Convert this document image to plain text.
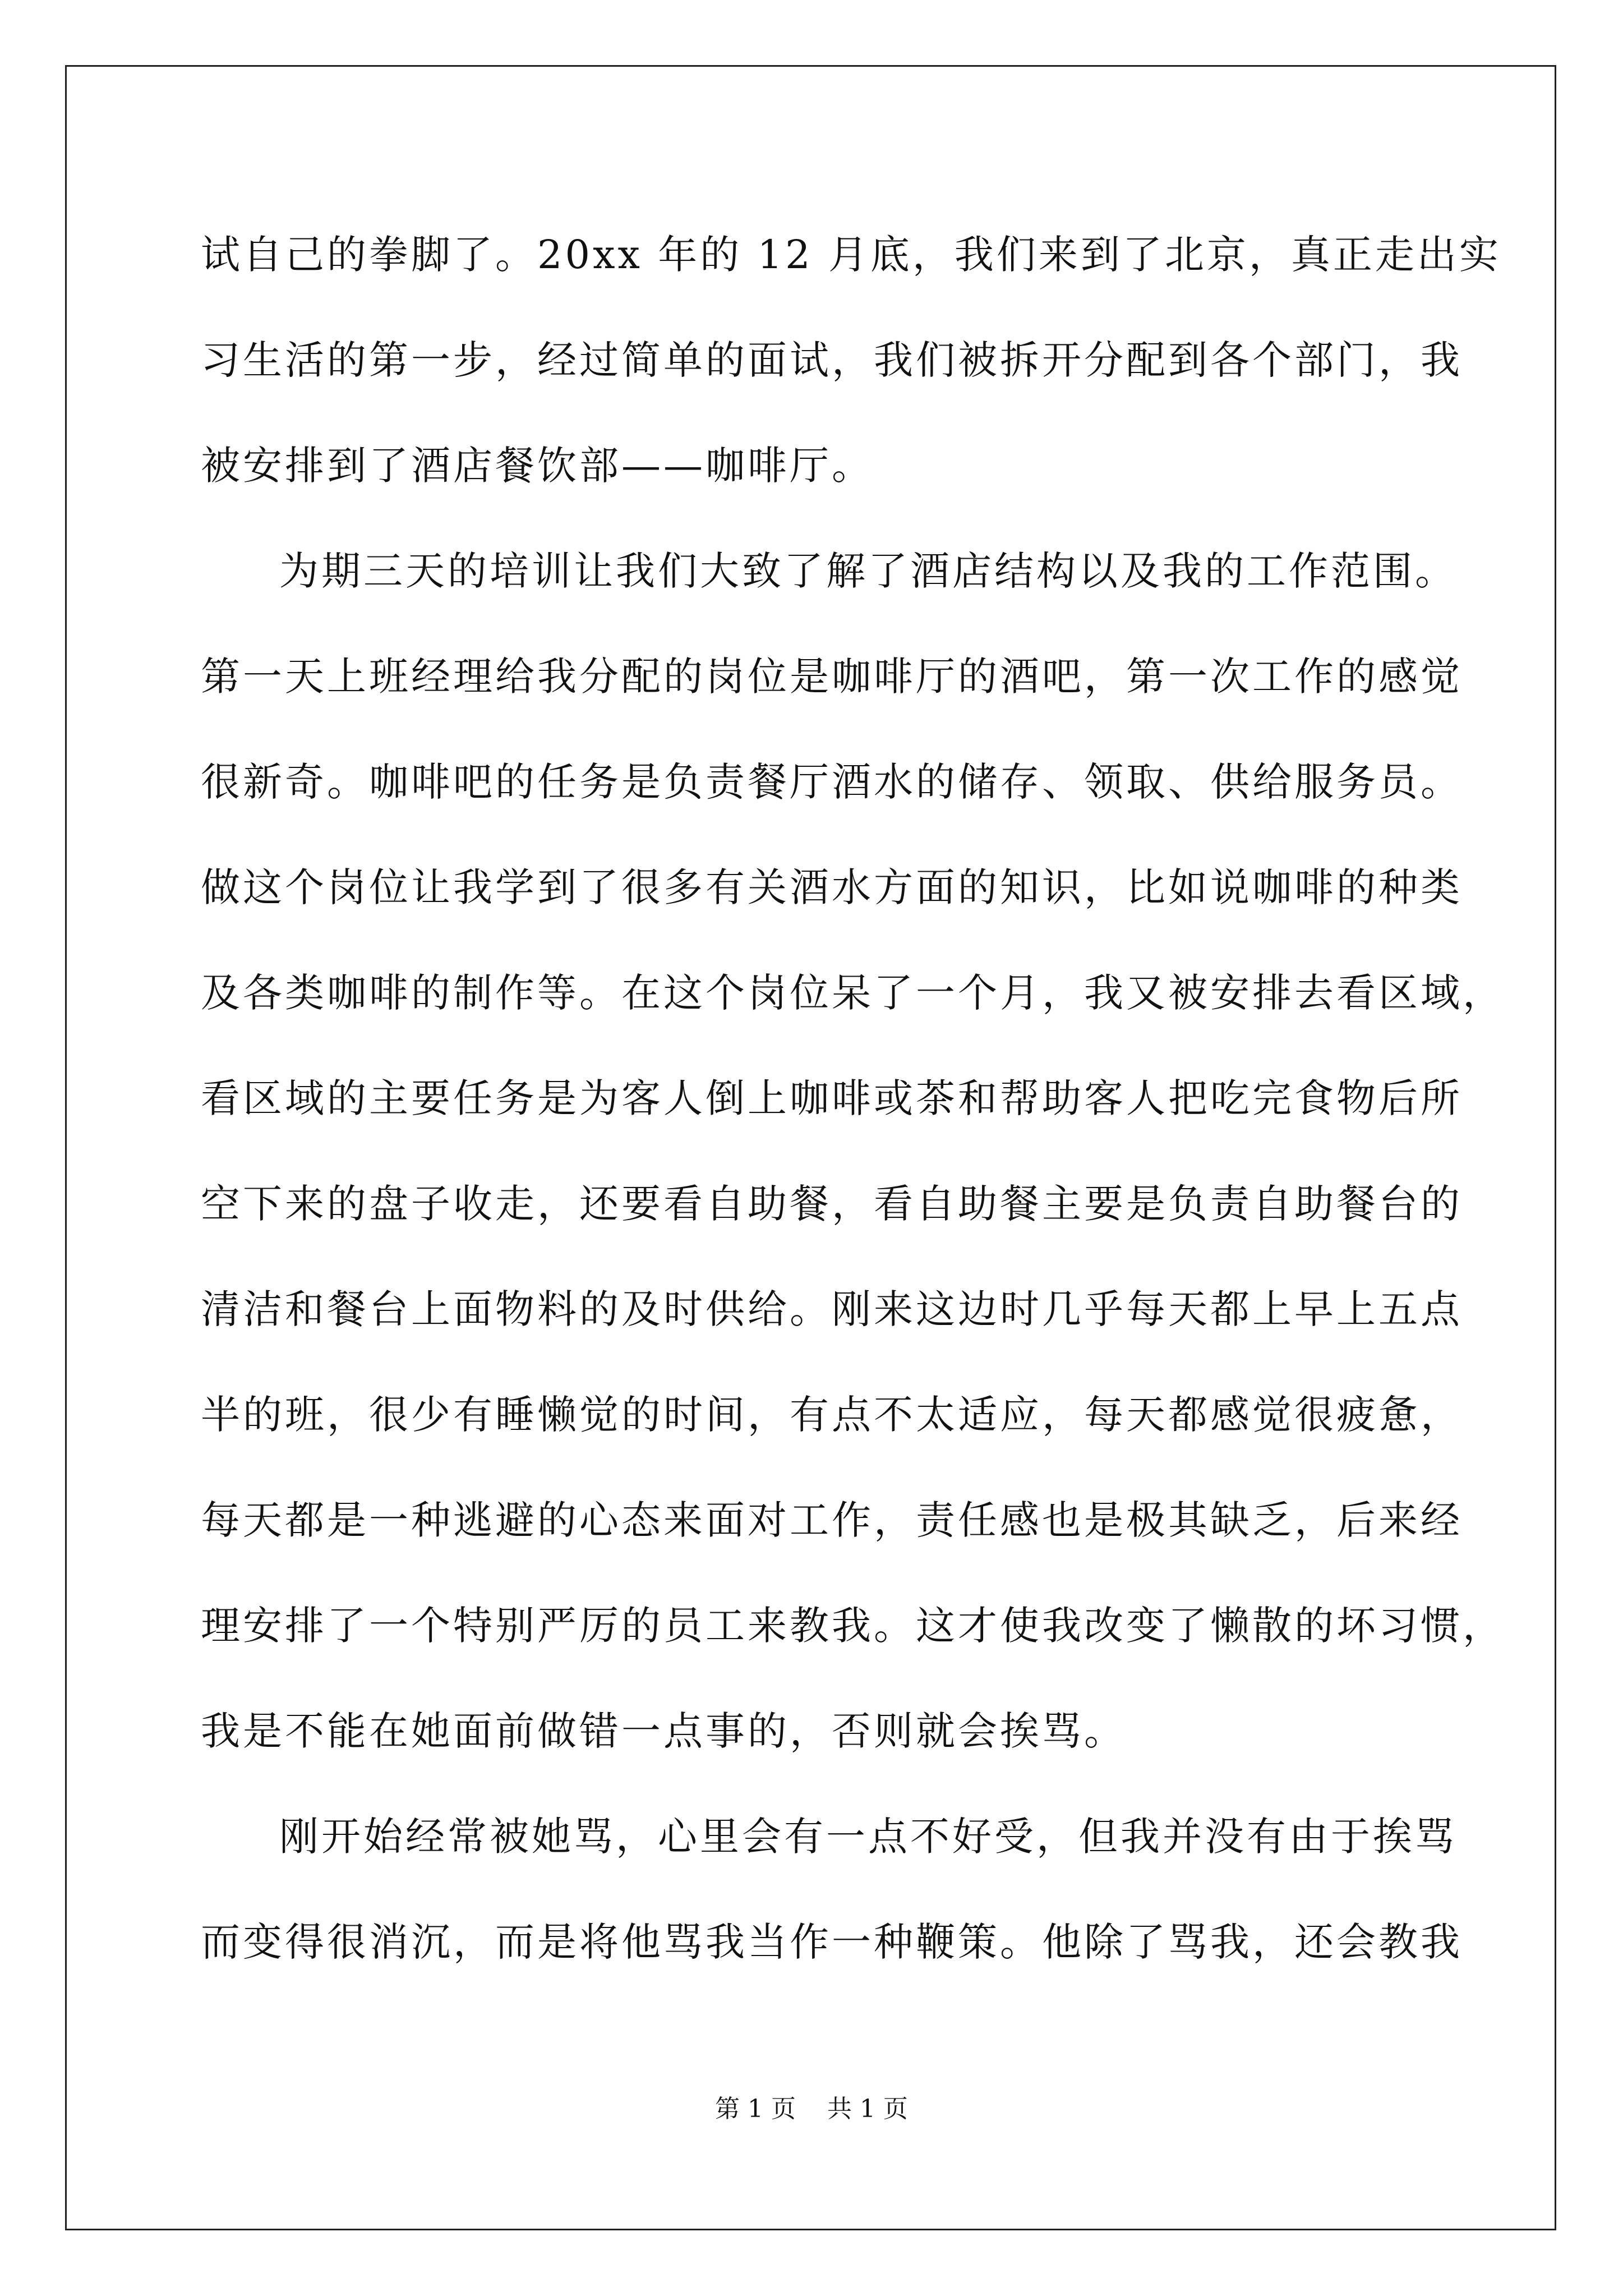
试自己的拳脚了。20xx 年的 12 月底，我们来到了北京，真正走出实
习生活的第一步，经过简单的面试，我们被拆开分配到各个部门，我
被安排到了酒店餐饮部——咖啡厅。
为期三天的培训让我们大致了解了酒店结构以及我的工作范围。
第一天上班经理给我分配的岗位是咖啡厅的酒吧，第一次工作的感觉
很新奇。咖啡吧的任务是负责餐厅酒水的储存、领取、供给服务员。
做这个岗位让我学到了很多有关酒水方面的知识，比如说咖啡的种类
及各类咖啡的制作等。在这个岗位呆了一个月，我又被安排去看区域，
看区域的主要任务是为客人倒上咖啡或茶和帮助客人把吃完食物后所
空下来的盘子收走，还要看自助餐，看自助餐主要是负责自助餐台的
清洁和餐台上面物料的及时供给。刚来这边时几乎每天都上早上五点
半的班，很少有睡懒觉的时间，有点不太适应，每天都感觉很疲惫，
每天都是一种逃避的心态来面对工作，责任感也是极其缺乏，后来经
理安排了一个特别严厉的员工来教我。这才使我改变了懒散的坏习惯，
我是不能在她面前做错一点事的，否则就会挨骂。
刚开始经常被她骂，心里会有一点不好受，但我并没有由于挨骂
而变得很消沉，而是将他骂我当作一种鞭策。他除了骂我，还会教我
第 1 页    共 1 页
